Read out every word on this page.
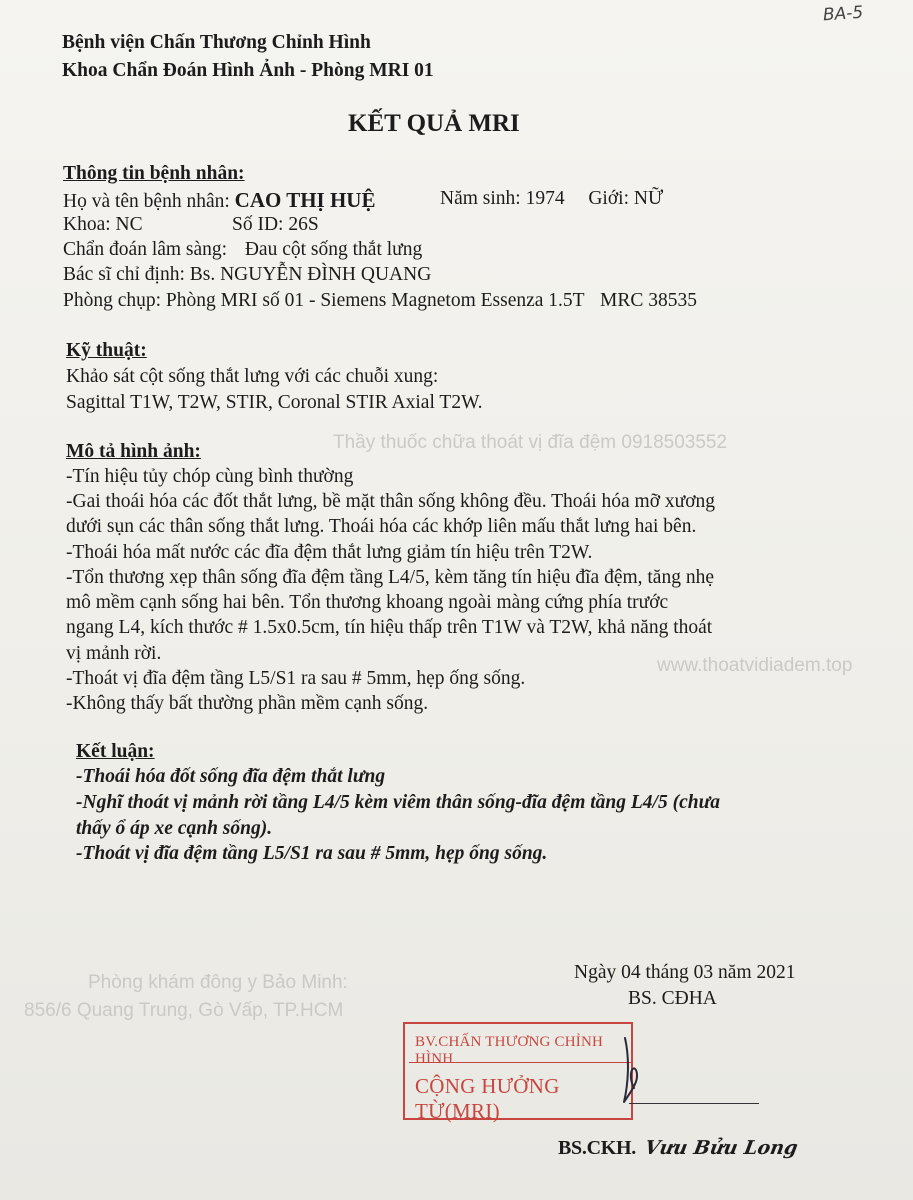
BA-5
Thầy thuốc chữa thoát vị đĩa đệm 0918503552
www.thoatvidiadem.top
Phòng khám đông y Bảo Minh:
856/6 Quang Trung, Gò Vấp, TP.HCM
Bệnh viện Chấn Thương Chỉnh Hình
Khoa Chẩn Đoán Hình Ảnh - Phòng MRI 01
KẾT QUẢ MRI
Thông tin bệnh nhân:
Họ và tên bệnh nhân: CAO THỊ HUỆ	Năm sinh: 1974 Giới: NỮ
Khoa: NC	Số ID: 26S
Chẩn đoán lâm sàng: Đau cột sống thắt lưng
Bác sĩ chỉ định: Bs. NGUYỄN ĐÌNH QUANG
Phòng chụp: Phòng MRI số 01 - Siemens Magnetom Essenza 1.5T MRC 38535
Kỹ thuật:
Khảo sát cột sống thắt lưng với các chuỗi xung:
Sagittal T1W, T2W, STIR, Coronal STIR Axial T2W.
Mô tả hình ảnh:
-Tín hiệu tủy chóp cùng bình thường
-Gai thoái hóa các đốt thắt lưng, bề mặt thân sống không đều. Thoái hóa mỡ xương
dưới sụn các thân sống thắt lưng. Thoái hóa các khớp liên mấu thắt lưng hai bên.
-Thoái hóa mất nước các đĩa đệm thắt lưng giảm tín hiệu trên T2W.
-Tổn thương xẹp thân sống đĩa đệm tầng L4/5, kèm tăng tín hiệu đĩa đệm, tăng nhẹ
mô mềm cạnh sống hai bên. Tổn thương khoang ngoài màng cứng phía trước
ngang L4, kích thước # 1.5x0.5cm, tín hiệu thấp trên T1W và T2W, khả năng thoát
vị mảnh rời.
-Thoát vị đĩa đệm tầng L5/S1 ra sau # 5mm, hẹp ống sống.
-Không thấy bất thường phần mềm cạnh sống.
Kết luận:
-Thoái hóa đốt sống đĩa đệm thắt lưng
-Nghĩ thoát vị mảnh rời tầng L4/5 kèm viêm thân sống-đĩa đệm tầng L4/5 (chưa
thấy ổ áp xe cạnh sống).
-Thoát vị đĩa đệm tầng L5/S1 ra sau # 5mm, hẹp ống sống.
Ngày 04 tháng 03 năm 2021
BS. CĐHA
BV.CHẤN THƯƠNG CHỈNH HÌNH
CỘNG HƯỞNG TỪ(MRI)
BS.CKH. Vưu Bửu Long
